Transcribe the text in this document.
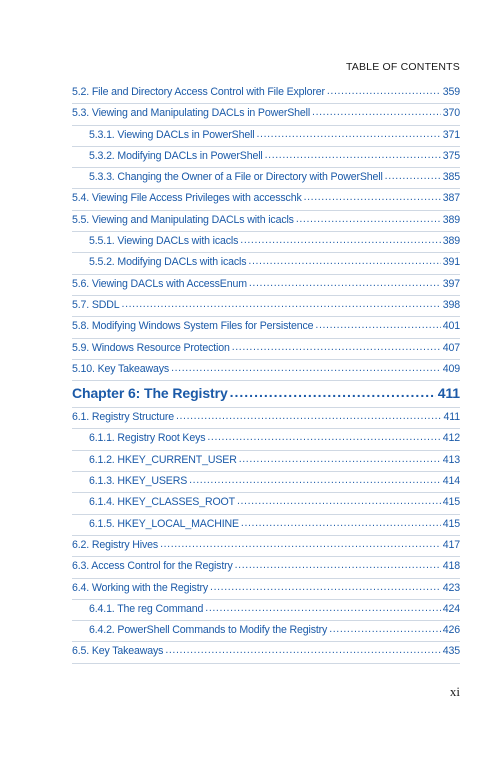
TABLE OF CONTENTS
5.2. File and Directory Access Control with File Explorer .....	359
5.3. Viewing and Manipulating DACLs in PowerShell .....	370
5.3.1. Viewing DACLs in PowerShell .....	371
5.3.2. Modifying DACLs in PowerShell .....	375
5.3.3. Changing the Owner of a File or Directory with PowerShell .....	385
5.4. Viewing File Access Privileges with accesschk .....	387
5.5. Viewing and Manipulating DACLs with icacls .....	389
5.5.1. Viewing DACLs with icacls .....	389
5.5.2. Modifying DACLs with icacls .....	391
5.6. Viewing DACLs with AccessEnum .....	397
5.7. SDDL .....	398
5.8. Modifying Windows System Files for Persistence .....	401
5.9. Windows Resource Protection .....	407
5.10. Key Takeaways .....	409
Chapter 6: The Registry .....	411
6.1. Registry Structure .....	411
6.1.1. Registry Root Keys .....	412
6.1.2. HKEY_CURRENT_USER .....	413
6.1.3. HKEY_USERS .....	414
6.1.4. HKEY_CLASSES_ROOT .....	415
6.1.5. HKEY_LOCAL_MACHINE .....	415
6.2. Registry Hives .....	417
6.3. Access Control for the Registry .....	418
6.4. Working with the Registry .....	423
6.4.1. The reg Command .....	424
6.4.2. PowerShell Commands to Modify the Registry .....	426
6.5. Key Takeaways .....	435
xi
